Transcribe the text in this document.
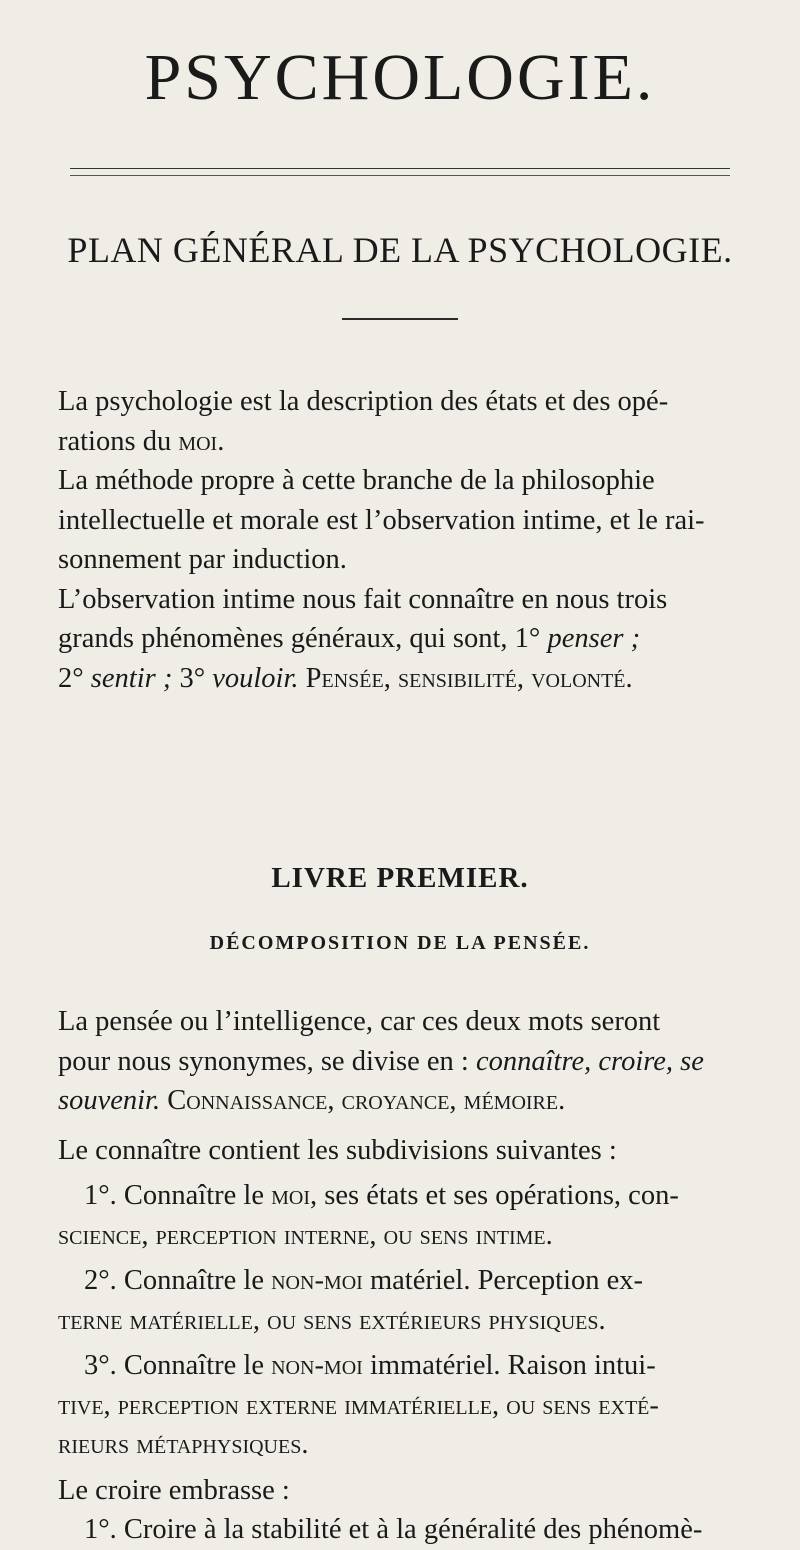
PSYCHOLOGIE.
PLAN GÉNÉRAL DE LA PSYCHOLOGIE.
La psychologie est la description des états et des opé-
rations du moi.
La méthode propre à cette branche de la philosophie
intellectuelle et morale est l’observation intime, et le rai-
sonnement par induction.
L’observation intime nous fait connaître en nous trois
grands phénomènes généraux, qui sont, 1° penser ;
2° sentir ; 3° vouloir. Pensée, sensibilité, volonté.
LIVRE PREMIER.
DÉCOMPOSITION DE LA PENSÉE.
La pensée ou l’intelligence, car ces deux mots seront
pour nous synonymes, se divise en : connaître, croire, se
souvenir. Connaissance, croyance, mémoire.
Le connaître contient les subdivisions suivantes :
1°. Connaître le moi, ses états et ses opérations, con-
science, perception interne, ou sens intime.
2°. Connaître le non-moi matériel. Perception ex-
terne matérielle, ou sens extérieurs physiques.
3°. Connaître le non-moi immatériel. Raison intui-
tive, perception externe immatérielle, ou sens exté-
rieurs métaphysiques.
Le croire embrasse :
1°. Croire à la stabilité et à la généralité des phénomè-
